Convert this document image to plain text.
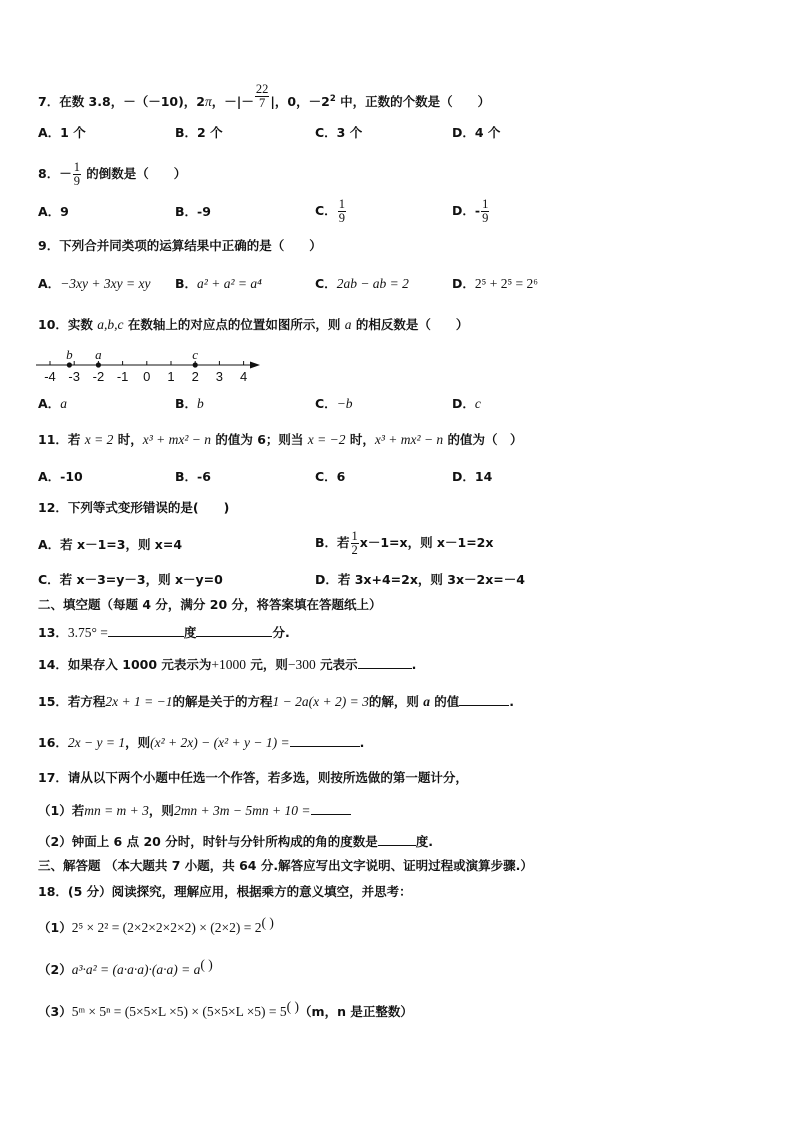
7．在数 3.8，－（－10)，2π，－|－ $\frac{22}{7}$ |，0，$-2^2$ 中，正数的个数是（　　）
A．1 个	B．2 个	C．3 个	D．4 个
8．－ $\frac{1}{9}$ 的倒数是（　　）
A．9	B．-9	C． $\frac{1}{9}$	D．- $\frac{1}{9}$
9．下列合并同类项的运算结果中正确的是（　　）
A．−3xy + 3xy = xy B．a² + a² = a⁴	C．2ab − ab = 2	D．2⁵ + 2⁵ = 2⁶
10．实数 a,b,c 在数轴上的对应点的位置如图所示，则 a 的相反数是（　　）
-4 -3 -2 -1 0 1 2 3 4
b a	c
A．a	B．b	C．−b	D．c
11．若 x = 2 时，x³ + mx² − n 的值为 6；则当 x = −2 时，x³ + mx² − n 的值为（　）
A．-10	B．-6	C．6	D．14
12．下列等式变形错误的是(　　)
A．若 x－1=3，则 x=4	B．若 $\frac{1}{2} x-1=x$，则 x－1=2x
C．若 x－3=y－3，则 x－y=0	D．若 3x+4=2x，则 3x－2x=－4
二、填空题（每题 4 分，满分 20 分，将答案填在答题纸上）
13．3.75° =	度	分.
14．如果存入 1000 元表示为+1000 元，则−300 元表示	.
15．若方程2x + 1 = −1的解是关于的方程1 − 2a(x + 2) = 3的解，则 a 的值	.
16．2x − y = 1，则(x² + 2x) − (x² + y − 1) =	.
17．请从以下两个小题中任选一个作答，若多选，则按所选做的第一题计分，
（1）若mn = m + 3，则2mn + 3m − 5mn + 10 =
（2）钟面上 6 点 20 分时，时针与分针所构成的角的度数是	度.
三、解答题 （本大题共 7 小题，共 64 分.解答应写出文字说明、证明过程或演算步骤.）
18．(5 分）阅读探究，理解应用，根据乘方的意义填空，并思考：
（1）2⁵ × 2² = (2×2×2×2×2) × (2×2) = 2( )
（2）a³·a² = (a·a·a)·(a·a) = a( )
（3）5ᵐ × 5ⁿ = (5×5×L ×5) × (5×5×L ×5) = 5( )（m，n 是正整数）
